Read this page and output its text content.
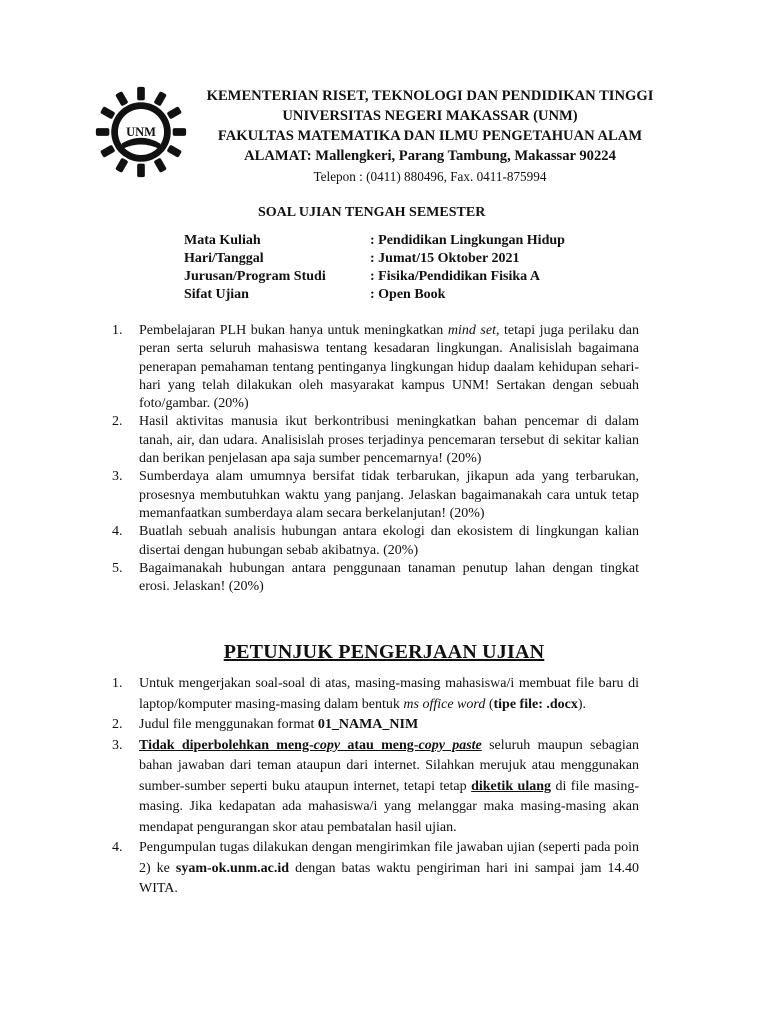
UNM
KEMENTERIAN RISET, TEKNOLOGI DAN PENDIDIKAN TINGGI
UNIVERSITAS NEGERI MAKASSAR (UNM)
FAKULTAS MATEMATIKA DAN ILMU PENGETAHUAN ALAM
ALAMAT: Mallengkeri, Parang Tambung, Makassar 90224
Telepon : (0411) 880496, Fax. 0411-875994
SOAL UJIAN TENGAH SEMESTER
Mata Kuliah	: Pendidikan Lingkungan Hidup
Hari/Tanggal	: Jumat/15 Oktober 2021
Jurusan/Program Studi	: Fisika/Pendidikan Fisika A
Sifat Ujian	: Open Book
1. Pembelajaran PLH bukan hanya untuk meningkatkan mind set, tetapi juga perilaku dan peran serta seluruh mahasiswa tentang kesadaran lingkungan. Analisislah bagaimana penerapan pemahaman tentang pentinganya lingkungan hidup daalam kehidupan sehari-hari yang telah dilakukan oleh masyarakat kampus UNM! Sertakan dengan sebuah foto/gambar. (20%)
2. Hasil aktivitas manusia ikut berkontribusi meningkatkan bahan pencemar di dalam tanah, air, dan udara. Analisislah proses terjadinya pencemaran tersebut di sekitar kalian dan berikan penjelasan apa saja sumber pencemarnya! (20%)
3. Sumberdaya alam umumnya bersifat tidak terbarukan, jikapun ada yang terbarukan, prosesnya membutuhkan waktu yang panjang. Jelaskan bagaimanakah cara untuk tetap memanfaatkan sumberdaya alam secara berkelanjutan! (20%)
4. Buatlah sebuah analisis hubungan antara ekologi dan ekosistem di lingkungan kalian disertai dengan hubungan sebab akibatnya. (20%)
5. Bagaimanakah hubungan antara penggunaan tanaman penutup lahan dengan tingkat erosi. Jelaskan! (20%)
PETUNJUK PENGERJAAN UJIAN
1. Untuk mengerjakan soal-soal di atas, masing-masing mahasiswa/i membuat file baru di laptop/komputer masing-masing dalam bentuk ms office word (tipe file: .docx).
2. Judul file menggunakan format 01_NAMA_NIM
3. Tidak diperbolehkan meng-copy atau meng-copy paste seluruh maupun sebagian bahan jawaban dari teman ataupun dari internet. Silahkan merujuk atau menggunakan sumber-sumber seperti buku ataupun internet, tetapi tetap diketik ulang di file masing-masing. Jika kedapatan ada mahasiswa/i yang melanggar maka masing-masing akan mendapat pengurangan skor atau pembatalan hasil ujian.
4. Pengumpulan tugas dilakukan dengan mengirimkan file jawaban ujian (seperti pada poin 2) ke syam-ok.unm.ac.id dengan batas waktu pengiriman hari ini sampai jam 14.40 WITA.
